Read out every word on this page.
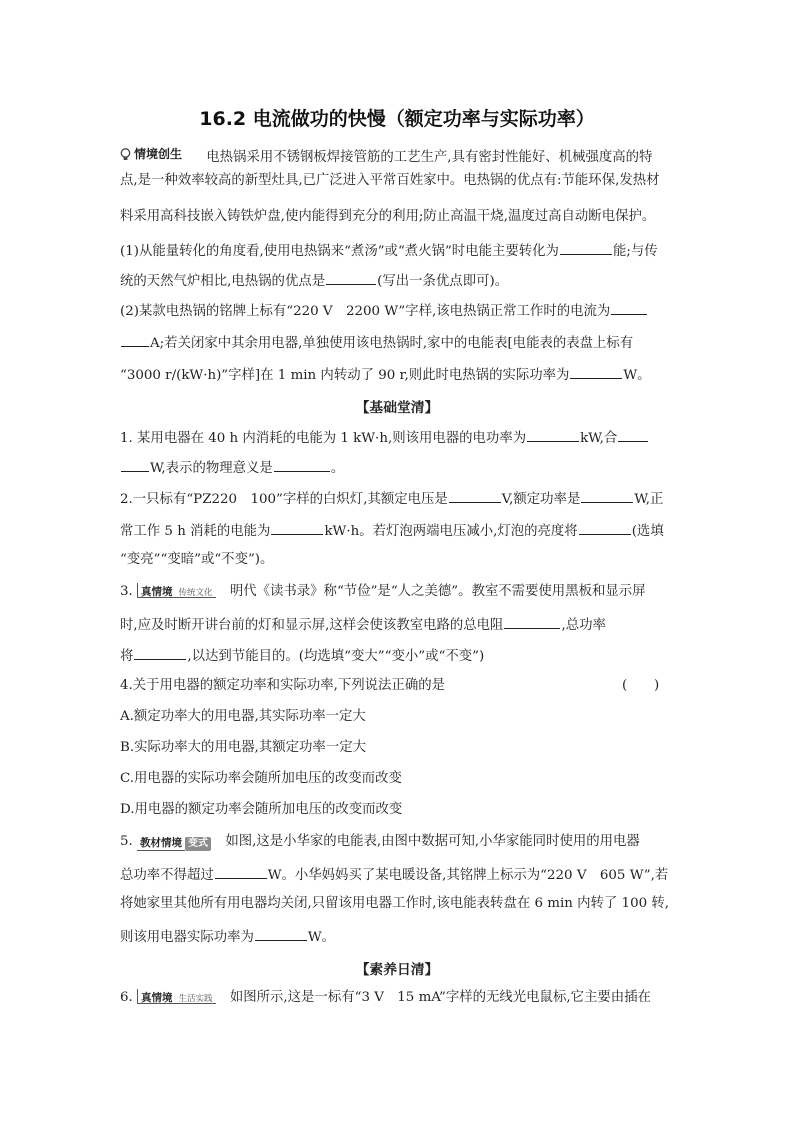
16.2 电流做功的快慢（额定功率与实际功率）
情境创生 电热锅采用不锈钢板焊接管筋的工艺生产,具有密封性能好、机械强度高的特
点,是一种效率较高的新型灶具,已广泛进入平常百姓家中。电热锅的优点有:节能环保,发热材
料采用高科技嵌入铸铁炉盘,使内能得到充分的利用;防止高温干烧,温度过高自动断电保护。
(1)从能量转化的角度看,使用电热锅来“煮汤”或“煮火锅”时电能主要转化为	能;与传
统的天然气炉相比,电热锅的优点是	(写出一条优点即可)。
(2)某款电热锅的铭牌上标有“220 V　2200 W”字样,该电热锅正常工作时的电流为
A;若关闭家中其余用电器,单独使用该电热锅时,家中的电能表[电能表的表盘上标有
“3000 r/(kW·h)”字样]在 1 min 内转动了 90 r,则此时电热锅的实际功率为	W。
【基础堂清】
1. 某用电器在 40 h 内消耗的电能为 1 kW·h,则该用电器的电功率为	kW,合
W,表示的物理意义是	。
2.一只标有“PZ220　100”字样的白炽灯,其额定电压是	V,额定功率是	W,正
常工作 5 h 消耗的电能为	kW·h。若灯泡两端电压减小,灯泡的亮度将	(选填
“变亮”“变暗”或“不变”)。
3. 真情境 传统文化 明代《读书录》称“节俭”是“人之美德”。教室不需要使用黑板和显示屏
时,应及时断开讲台前的灯和显示屏,这样会使该教室电路的总电阻	,总功率
将	,以达到节能目的。(均选填“变大”“变小”或“不变”)
4.关于用电器的额定功率和实际功率,下列说法正确的是	(　　)
A.额定功率大的用电器,其实际功率一定大
B.实际功率大的用电器,其额定功率一定大
C.用电器的实际功率会随所加电压的改变而改变
D.用电器的额定功率会随所加电压的改变而改变
5. 教材情境 变式 如图,这是小华家的电能表,由图中数据可知,小华家能同时使用的用电器
总功率不得超过	W。小华妈妈买了某电暖设备,其铭牌上标示为“220 V　605 W”,若
将她家里其他所有用电器均关闭,只留该用电器工作时,该电能表转盘在 6 min 内转了 100 转,
则该用电器实际功率为	W。
【素养日清】
6. 真情境 生活实践 如图所示,这是一标有“3 V　15 mA”字样的无线光电鼠标,它主要由插在
